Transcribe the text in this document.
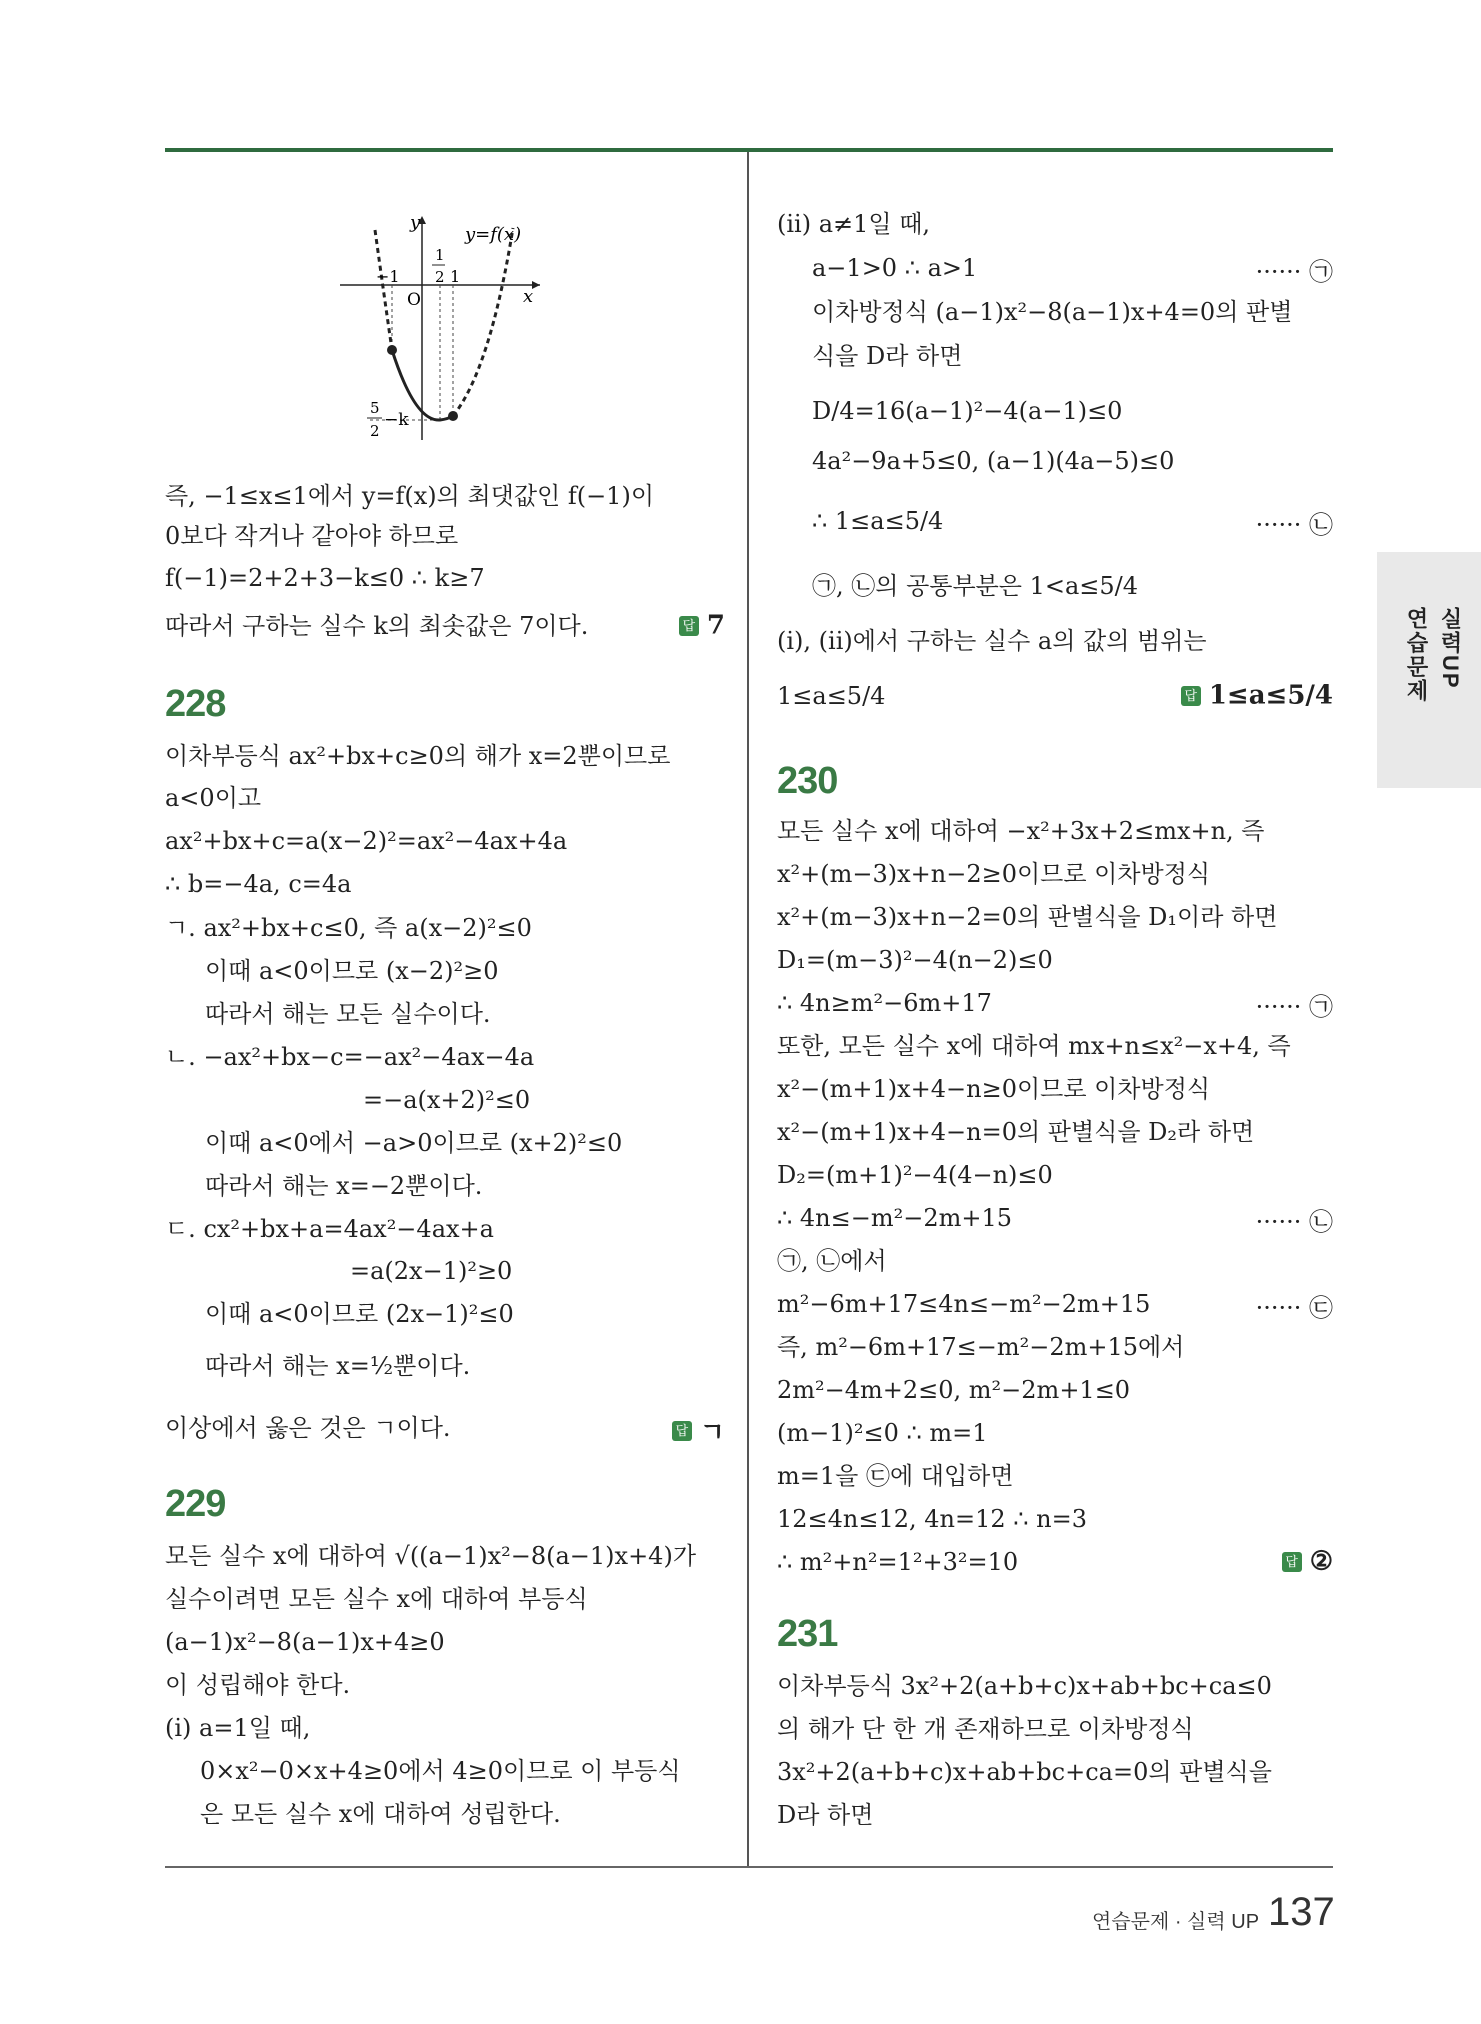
y
x
O
y=f(x)
−1
1
2 1
5
2
−k
즉, −1≤x≤1에서 y=f(x)의 최댓값인 f(−1)이
0보다 작거나 같아야 하므로
f(−1)=2+2+3−k≤0 ∴ k≥7
따라서 구하는 실수 k의 최솟값은 7이다.	답 7
228
이차부등식 ax²+bx+c≥0의 해가 x=2뿐이므로
a<0이고
ax²+bx+c=a(x−2)²=ax²−4ax+4a
∴ b=−4a, c=4a
ㄱ. ax²+bx+c≤0, 즉 a(x−2)²≤0
이때 a<0이므로 (x−2)²≥0
따라서 해는 모든 실수이다.
ㄴ. −ax²+bx−c=−ax²−4ax−4a
=−a(x+2)²≤0
이때 a<0에서 −a>0이므로 (x+2)²≤0
따라서 해는 x=−2뿐이다.
ㄷ. cx²+bx+a=4ax²−4ax+a
=a(2x−1)²≥0
이때 a<0이므로 (2x−1)²≤0
따라서 해는 x=½뿐이다.
이상에서 옳은 것은 ㄱ이다.	답 ㄱ
229
모든 실수 x에 대하여 √((a−1)x²−8(a−1)x+4)가
실수이려면 모든 실수 x에 대하여 부등식
(a−1)x²−8(a−1)x+4≥0
이 성립해야 한다.
(i) a=1일 때,
0×x²−0×x+4≥0에서 4≥0이므로 이 부등식
은 모든 실수 x에 대하여 성립한다.
(ii) a≠1일 때,
a−1>0 ∴ a>1	······ ㉠
이차방정식 (a−1)x²−8(a−1)x+4=0의 판별
식을 D라 하면
D/4=16(a−1)²−4(a−1)≤0
4a²−9a+5≤0, (a−1)(4a−5)≤0
∴ 1≤a≤5/4	······ ㉡
㉠, ㉡의 공통부분은 1<a≤5/4
(i), (ii)에서 구하는 실수 a의 값의 범위는
1≤a≤5/4	답 1≤a≤5/4
230
모든 실수 x에 대하여 −x²+3x+2≤mx+n, 즉
x²+(m−3)x+n−2≥0이므로 이차방정식
x²+(m−3)x+n−2=0의 판별식을 D₁이라 하면
D₁=(m−3)²−4(n−2)≤0
∴ 4n≥m²−6m+17	······ ㉠
또한, 모든 실수 x에 대하여 mx+n≤x²−x+4, 즉
x²−(m+1)x+4−n≥0이므로 이차방정식
x²−(m+1)x+4−n=0의 판별식을 D₂라 하면
D₂=(m+1)²−4(4−n)≤0
∴ 4n≤−m²−2m+15	······ ㉡
㉠, ㉡에서
m²−6m+17≤4n≤−m²−2m+15	······ ㉢
즉, m²−6m+17≤−m²−2m+15에서
2m²−4m+2≤0, m²−2m+1≤0
(m−1)²≤0 ∴ m=1
m=1을 ㉢에 대입하면
12≤4n≤12, 4n=12 ∴ n=3
∴ m²+n²=1²+3²=10	답 ②
231
이차부등식 3x²+2(a+b+c)x+ab+bc+ca≤0
의 해가 단 한 개 존재하므로 이차방정식
3x²+2(a+b+c)x+ab+bc+ca=0의 판별식을
D라 하면
실력UP
연습문제
연습문제 · 실력 UP 137
